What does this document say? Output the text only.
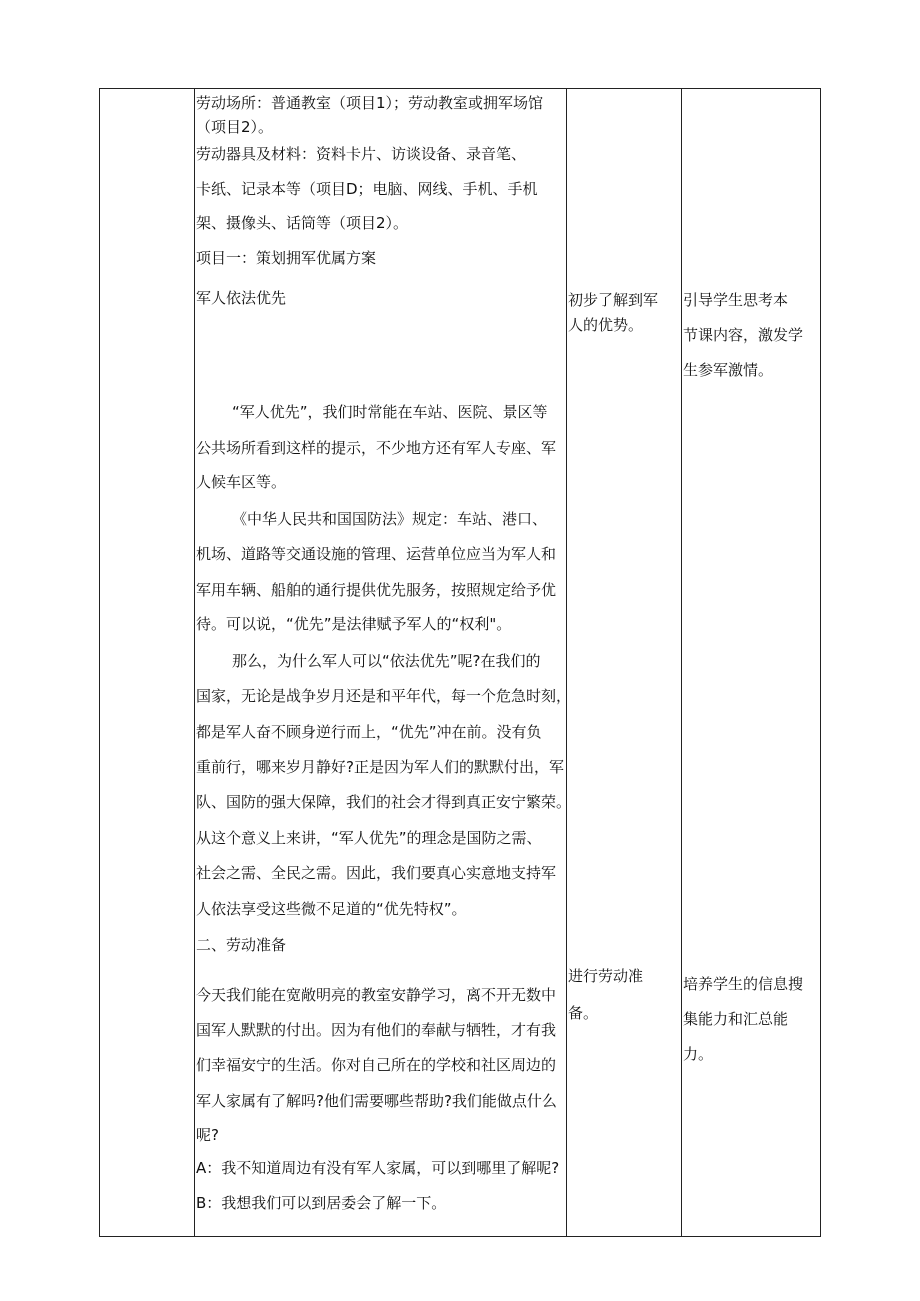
劳动场所：普通教室（项目1）；劳动教室或拥军场馆
（项目2）。
劳动器具及材料：资料卡片、访谈设备、录音笔、
卡纸、记录本等（项目D；电脑、网线、手机、手机
架、摄像头、话筒等（项目2）。
项目一：策划拥军优属方案
军人依法优先
“军人优先”，我们时常能在车站、医院、景区等
公共场所看到这样的提示，不少地方还有军人专座、军
人候车区等。
《中华人民共和国国防法》规定：车站、港口、
机场、道路等交通设施的管理、运营单位应当为军人和
军用车辆、船舶的通行提供优先服务，按照规定给予优
待。可以说，“优先”是法律赋予军人的“权利"。
那么，为什么军人可以“依法优先”呢?在我们的
国家，无论是战争岁月还是和平年代，每一个危急时刻，
都是军人奋不顾身逆行而上，“优先”冲在前。没有负
重前行，哪来岁月静好?正是因为军人们的默默付出，军
队、国防的强大保障，我们的社会才得到真正安宁繁荣。
从这个意义上来讲，“军人优先”的理念是国防之需、
社会之需、全民之需。因此，我们要真心实意地支持军
人依法享受这些微不足道的“优先特权”。
二、劳动准备
今天我们能在宽敞明亮的教室安静学习，离不开无数中
国军人默默的付出。因为有他们的奉献与牺牲，才有我
们幸福安宁的生活。你对自己所在的学校和社区周边的
军人家属有了解吗?他们需要哪些帮助?我们能做点什么
呢?
A：我不知道周边有没有军人家属，可以到哪里了解呢?
B：我想我们可以到居委会了解一下。
初步了解到军
人的优势。
进行劳动准
备。
引导学生思考本
节课内容，激发学
生参军激情。
培养学生的信息搜
集能力和汇总能
力。
